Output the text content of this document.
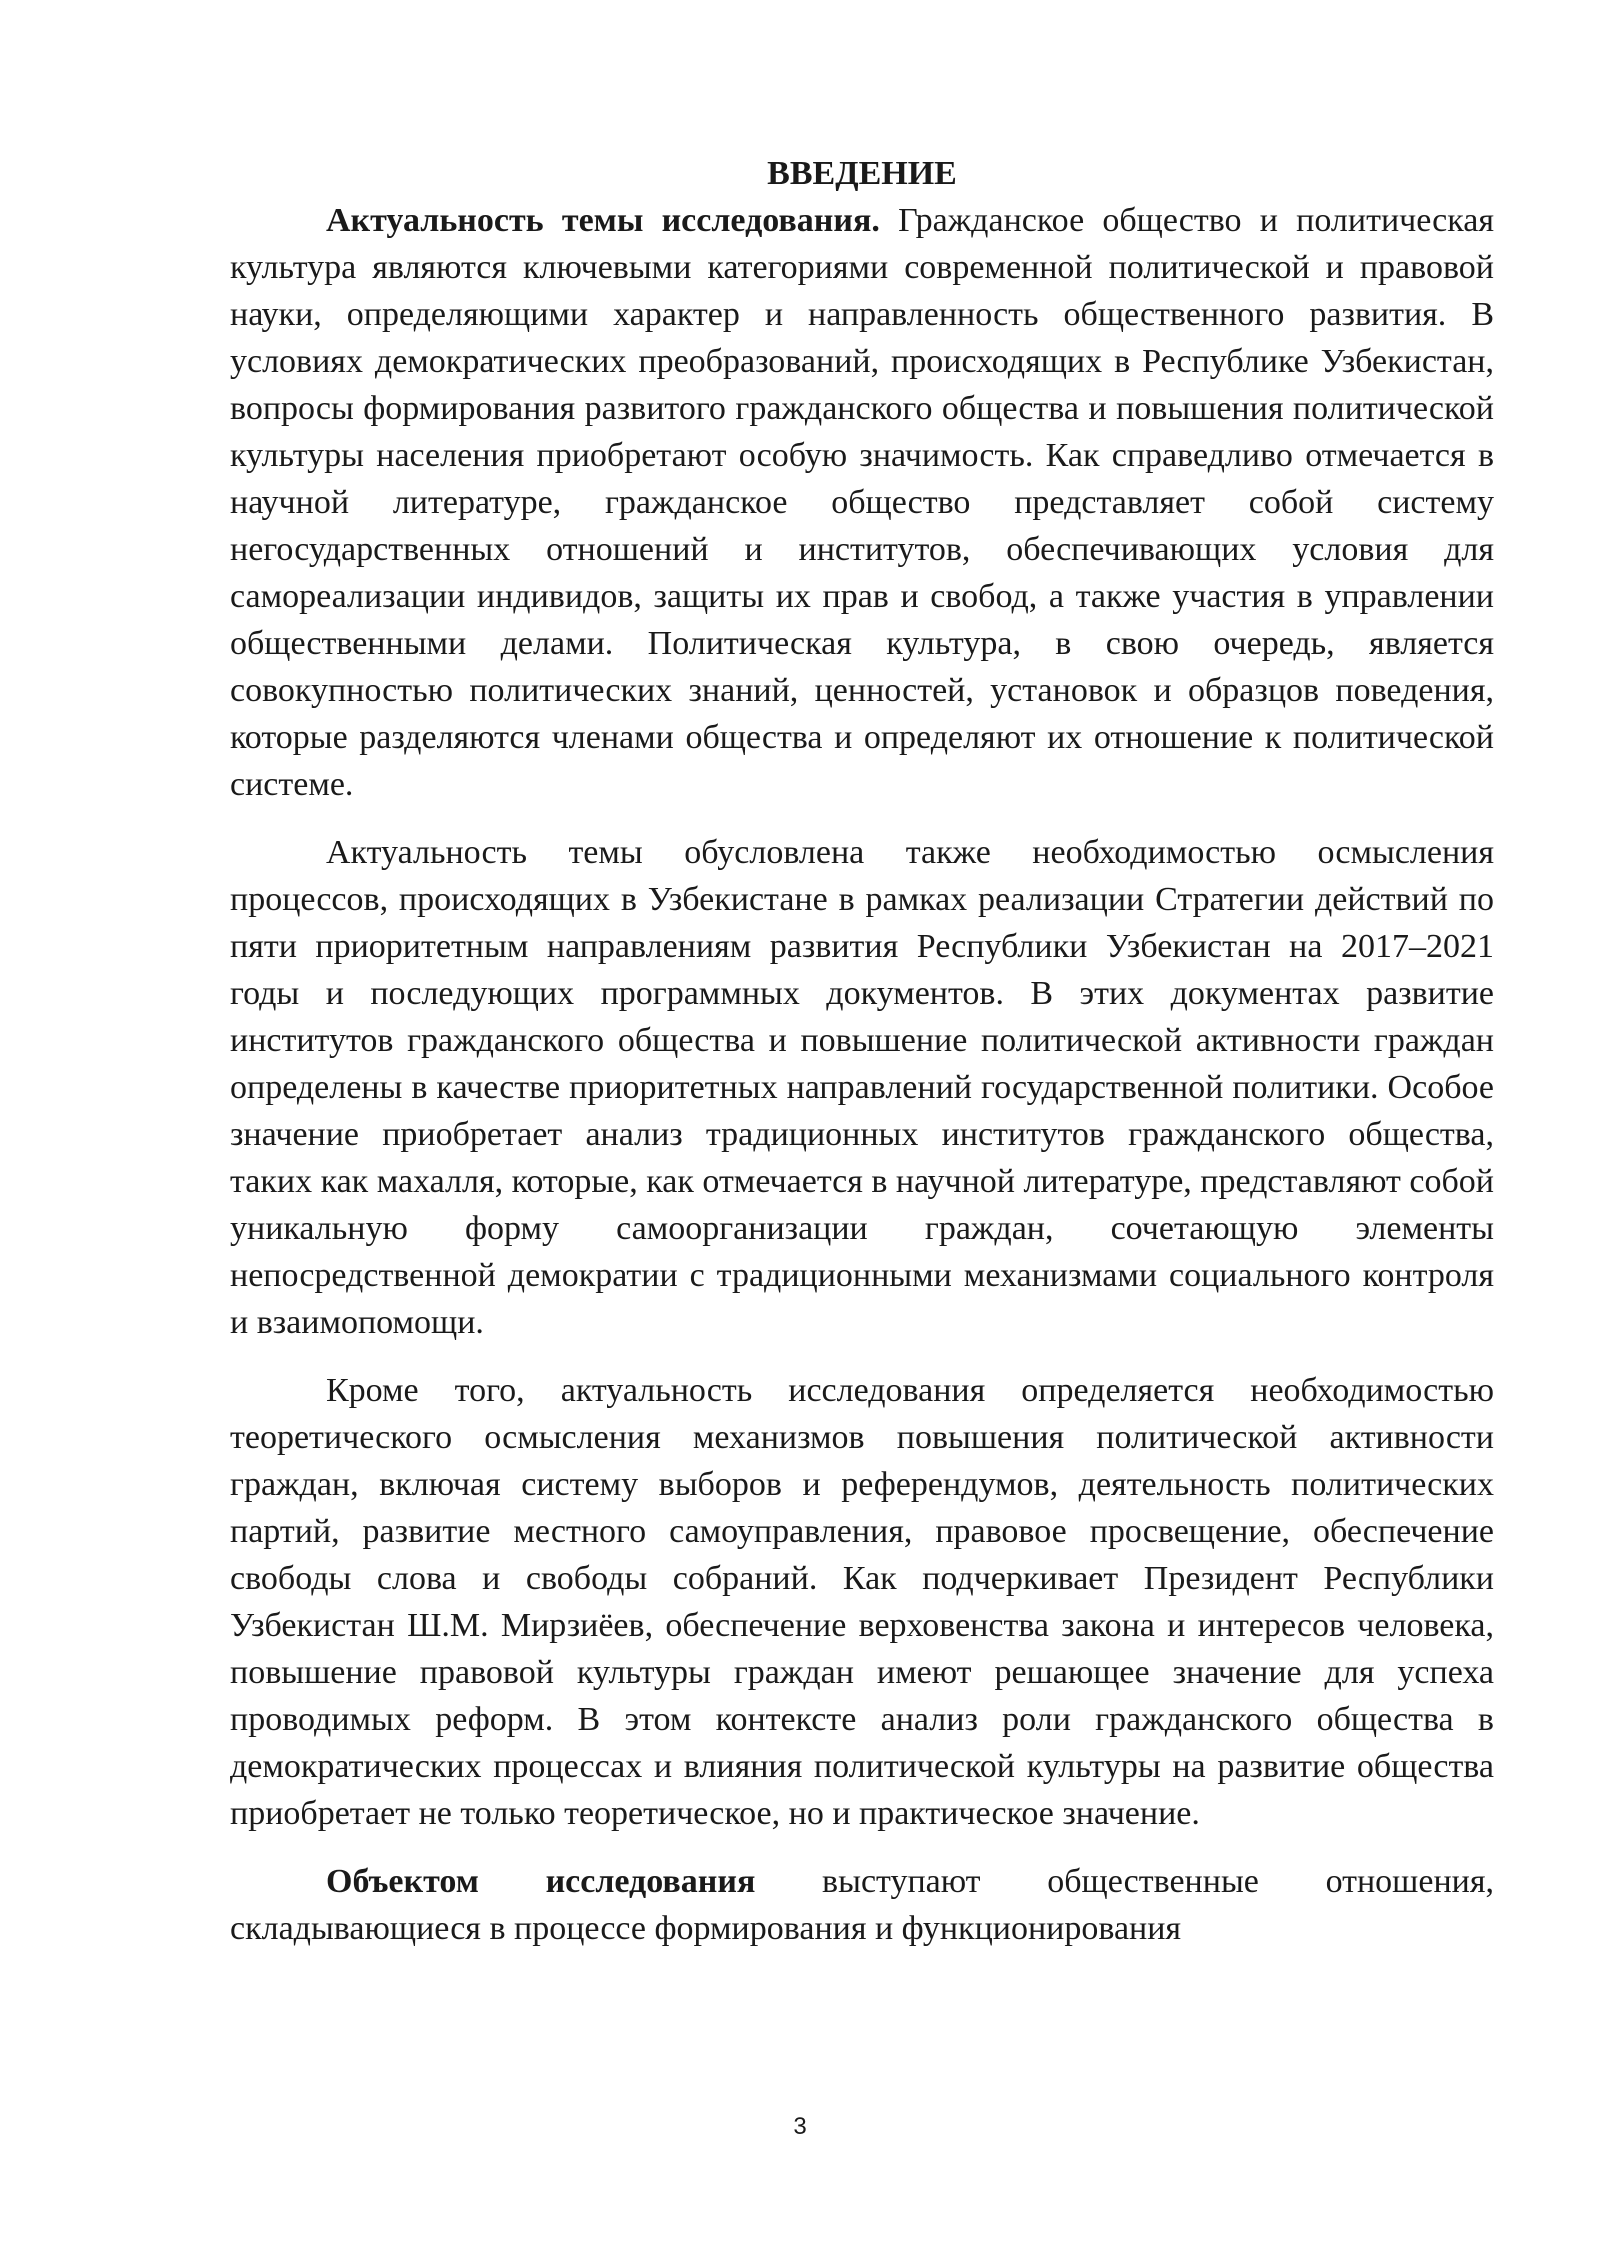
ВВЕДЕНИЕ

Актуальность темы исследования. Гражданское общество и политическая культура являются ключевыми категориями современной политической и правовой науки, определяющими характер и направленность общественного развития. В условиях демократических преобразований, происходящих в Республике Узбекистан, вопросы формирования развитого гражданского общества и повышения политической культуры населения приобретают особую значимость. Как справедливо отмечается в научной литературе, гражданское общество представляет собой систему негосударственных отношений и институтов, обеспечивающих условия для самореализации индивидов, защиты их прав и свобод, а также участия в управлении общественными делами. Политическая культура, в свою очередь, является совокупностью политических знаний, ценностей, установок и образцов поведения, которые разделяются членами общества и определяют их отношение к политической системе.

Актуальность темы обусловлена также необходимостью осмысления процессов, происходящих в Узбекистане в рамках реализации Стратегии действий по пяти приоритетным направлениям развития Республики Узбекистан на 2017–2021 годы и последующих программных документов. В этих документах развитие институтов гражданского общества и повышение политической активности граждан определены в качестве приоритетных направлений государственной политики. Особое значение приобретает анализ традиционных институтов гражданского общества, таких как махалля, которые, как отмечается в научной литературе, представляют собой уникальную форму самоорганизации граждан, сочетающую элементы непосредственной демократии с традиционными механизмами социального контроля и взаимопомощи.

Кроме того, актуальность исследования определяется необходимостью теоретического осмысления механизмов повышения политической активности граждан, включая систему выборов и референдумов, деятельность политических партий, развитие местного самоуправления, правовое просвещение, обеспечение свободы слова и свободы собраний. Как подчеркивает Президент Республики Узбекистан Ш.М. Мирзиёев, обеспечение верховенства закона и интересов человека, повышение правовой культуры граждан имеют решающее значение для успеха проводимых реформ. В этом контексте анализ роли гражданского общества в демократических процессах и влияния политической культуры на развитие общества приобретает не только теоретическое, но и практическое значение.

Объектом исследования выступают общественные отношения, складывающиеся в процессе формирования и функционирования

3
